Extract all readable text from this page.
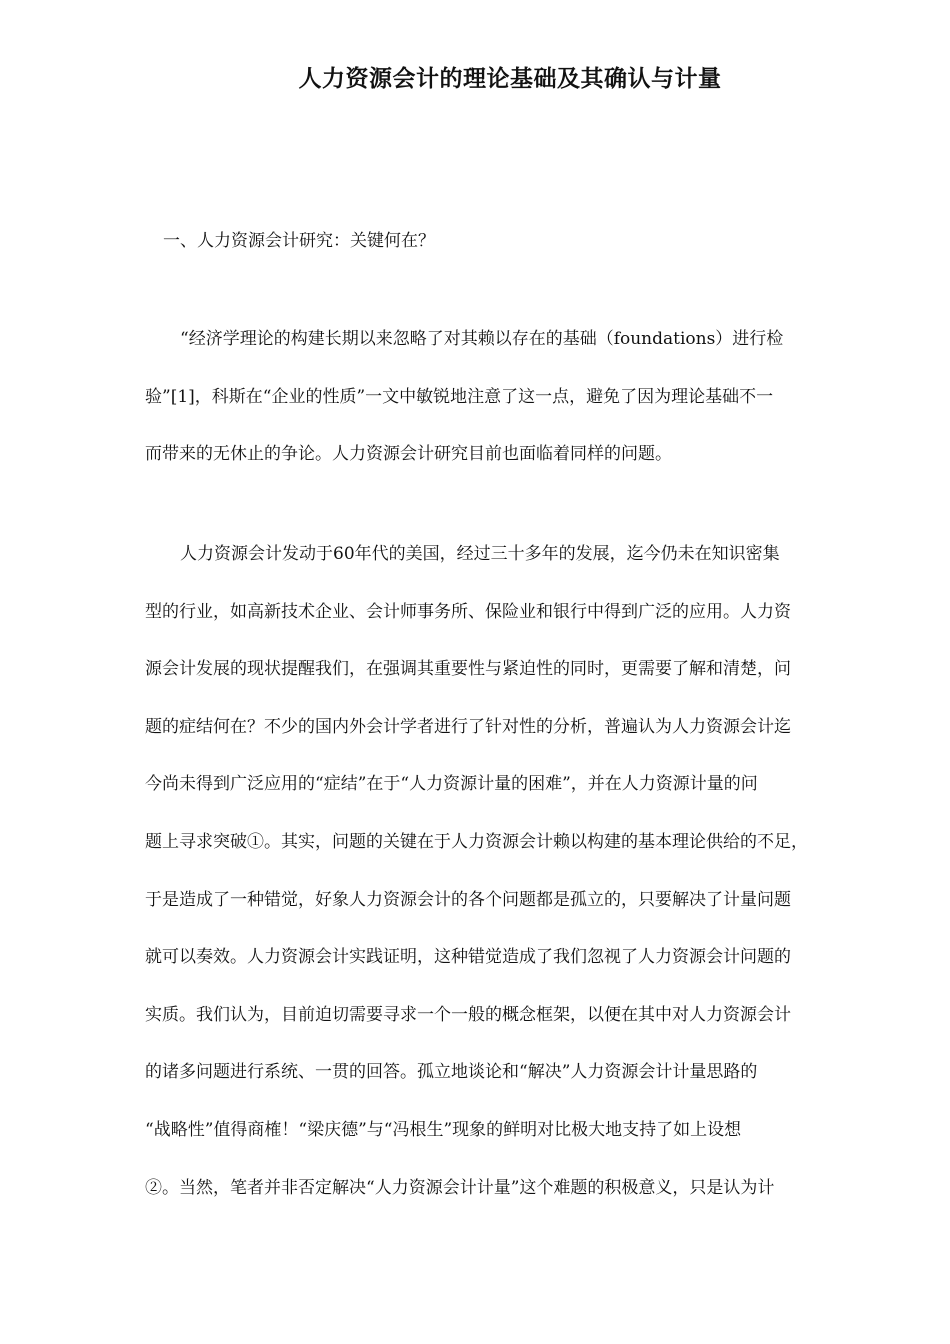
人力资源会计的理论基础及其确认与计量
一、人力资源会计研究：关键何在？
“经济学理论的构建长期以来忽略了对其赖以存在的基础（foundations）进行检
验”[1]，科斯在“企业的性质”一文中敏锐地注意了这一点，避免了因为理论基础不一
而带来的无休止的争论。人力资源会计研究目前也面临着同样的问题。
人力资源会计发动于60年代的美国，经过三十多年的发展，迄今仍未在知识密集
型的行业，如高新技术企业、会计师事务所、保险业和银行中得到广泛的应用。人力资
源会计发展的现状提醒我们，在强调其重要性与紧迫性的同时，更需要了解和清楚，问
题的症结何在？不少的国内外会计学者进行了针对性的分析，普遍认为人力资源会计迄
今尚未得到广泛应用的“症结”在于“人力资源计量的困难”，并在人力资源计量的问
题上寻求突破①。其实，问题的关键在于人力资源会计赖以构建的基本理论供给的不足，
于是造成了一种错觉，好象人力资源会计的各个问题都是孤立的，只要解决了计量问题
就可以奏效。人力资源会计实践证明，这种错觉造成了我们忽视了人力资源会计问题的
实质。我们认为，目前迫切需要寻求一个一般的概念框架，以便在其中对人力资源会计
的诸多问题进行系统、一贯的回答。孤立地谈论和“解决”人力资源会计计量思路的
“战略性”值得商榷！“梁庆德”与“冯根生”现象的鲜明对比极大地支持了如上设想
②。当然，笔者并非否定解决“人力资源会计计量”这个难题的积极意义，只是认为计
